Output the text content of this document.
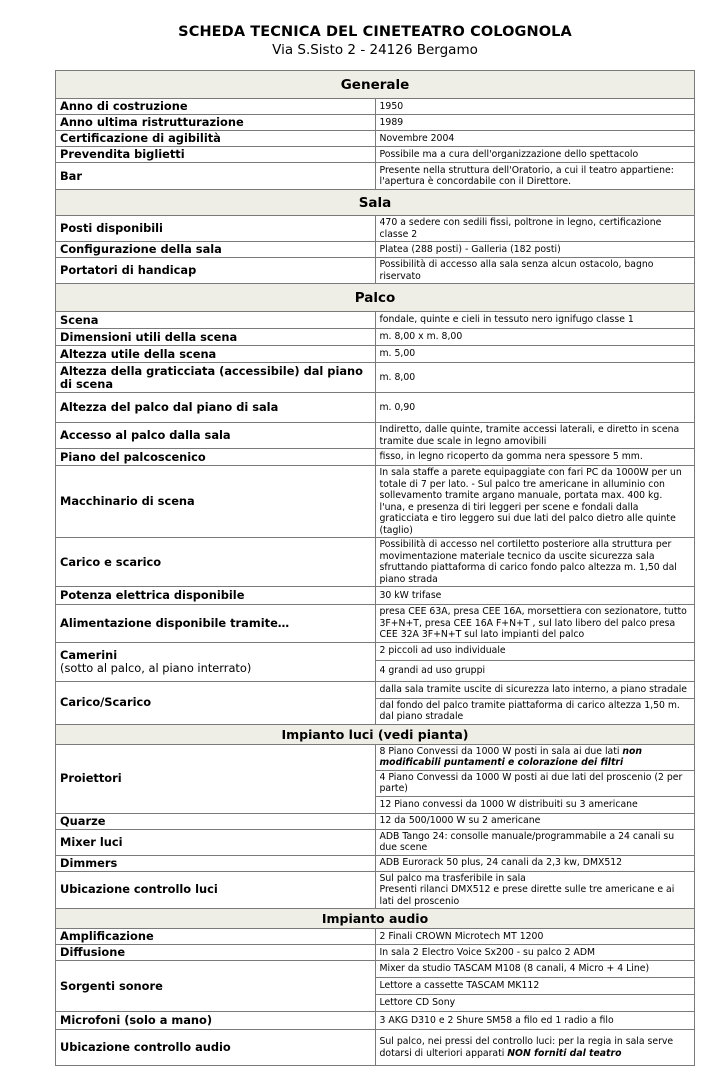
SCHEDA TECNICA DEL CINETEATRO COLOGNOLA
Via S.Sisto 2 - 24126 Bergamo
Generale	
Anno di costruzione	1950
Anno ultima ristrutturazione	1989
Certificazione di agibilità	Novembre 2004
Prevendita biglietti	Possibile ma a cura dell'organizzazione dello spettacolo
Bar	Presente nella struttura dell'Oratorio, a cui il teatro appartiene: l'apertura è concordabile con il Direttore.
Sala	
Posti disponibili	470 a sedere con sedili fissi, poltrone in legno, certificazione classe 2
Configurazione della sala	Platea (288 posti) - Galleria (182 posti)
Portatori di handicap	Possibilità di accesso alla sala senza alcun ostacolo, bagno riservato
Palco	
Scena	fondale, quinte e cieli in tessuto nero ignifugo classe 1
Dimensioni utili della scena	m. 8,00 x m. 8,00
Altezza utile della scena	m. 5,00
Altezza della graticciata (accessibile) dal piano di scena	m. 8,00
Altezza del palco dal piano di sala	m. 0,90
Accesso al palco dalla sala	Indiretto, dalle quinte, tramite accessi laterali, e diretto in scena tramite due scale in legno amovibili
Piano del palcoscenico	fisso, in legno ricoperto da gomma nera spessore 5 mm.
Macchinario di scena	In sala staffe a parete equipaggiate con fari PC da 1000W per un totale di 7 per lato. - Sul palco tre americane in alluminio con sollevamento tramite argano manuale, portata max. 400 kg. l'una, e presenza di tiri leggeri per scene e fondali dalla graticciata e tiro leggero sui due lati del palco dietro alle quinte (taglio)
Carico e scarico	Possibilità di accesso nel cortiletto posteriore alla struttura per movimentazione materiale tecnico da uscite sicurezza sala sfruttando piattaforma di carico fondo palco altezza m. 1,50 dal piano strada
Potenza elettrica disponibile	30 kW trifase
Alimentazione disponibile tramite…	presa CEE 63A, presa CEE 16A, morsettiera con sezionatore, tutto 3F+N+T, presa CEE 16A F+N+T , sul lato libero del palco presa CEE 32A 3F+N+T sul lato impianti del palco
Camerini
(sotto al palco, al piano interrato)	2 piccoli ad uso individuale
	4 grandi ad uso gruppi
Carico/Scarico	dalla sala tramite uscite di sicurezza lato interno, a piano stradale
	dal fondo del palco tramite piattaforma di carico altezza 1,50 m. dal piano stradale
Impianto luci (vedi pianta)	
Proiettori	8 Piano Convessi da 1000 W posti in sala ai due lati non modificabili puntamenti e colorazione dei filtri
	4 Piano Convessi da 1000 W posti ai due lati del proscenio (2 per parte)
	12 Piano convessi da 1000 W distribuiti su 3 americane
Quarze	12 da 500/1000 W su 2 americane
Mixer luci	ADB Tango 24: consolle manuale/programmabile a 24 canali su due scene
Dimmers	ADB Eurorack 50 plus, 24 canali da 2,3 kw, DMX512
Ubicazione controllo luci	Sul palco ma trasferibile in sala
Presenti rilanci DMX512 e prese dirette sulle tre americane e ai lati del proscenio
Impianto audio	
Amplificazione	2 Finali CROWN Microtech MT 1200
Diffusione	In sala 2 Electro Voice Sx200 - su palco 2 ADM
Sorgenti sonore	Mixer da studio TASCAM M108 (8 canali, 4 Micro + 4 Line)
	Lettore a cassette TASCAM MK112
	Lettore CD Sony
Microfoni (solo a mano)	3 AKG D310 e 2 Shure SM58 a filo ed 1 radio a filo
Ubicazione controllo audio	Sul palco, nei pressi del controllo luci: per la regia in sala serve dotarsi di ulteriori apparati NON forniti dal teatro
